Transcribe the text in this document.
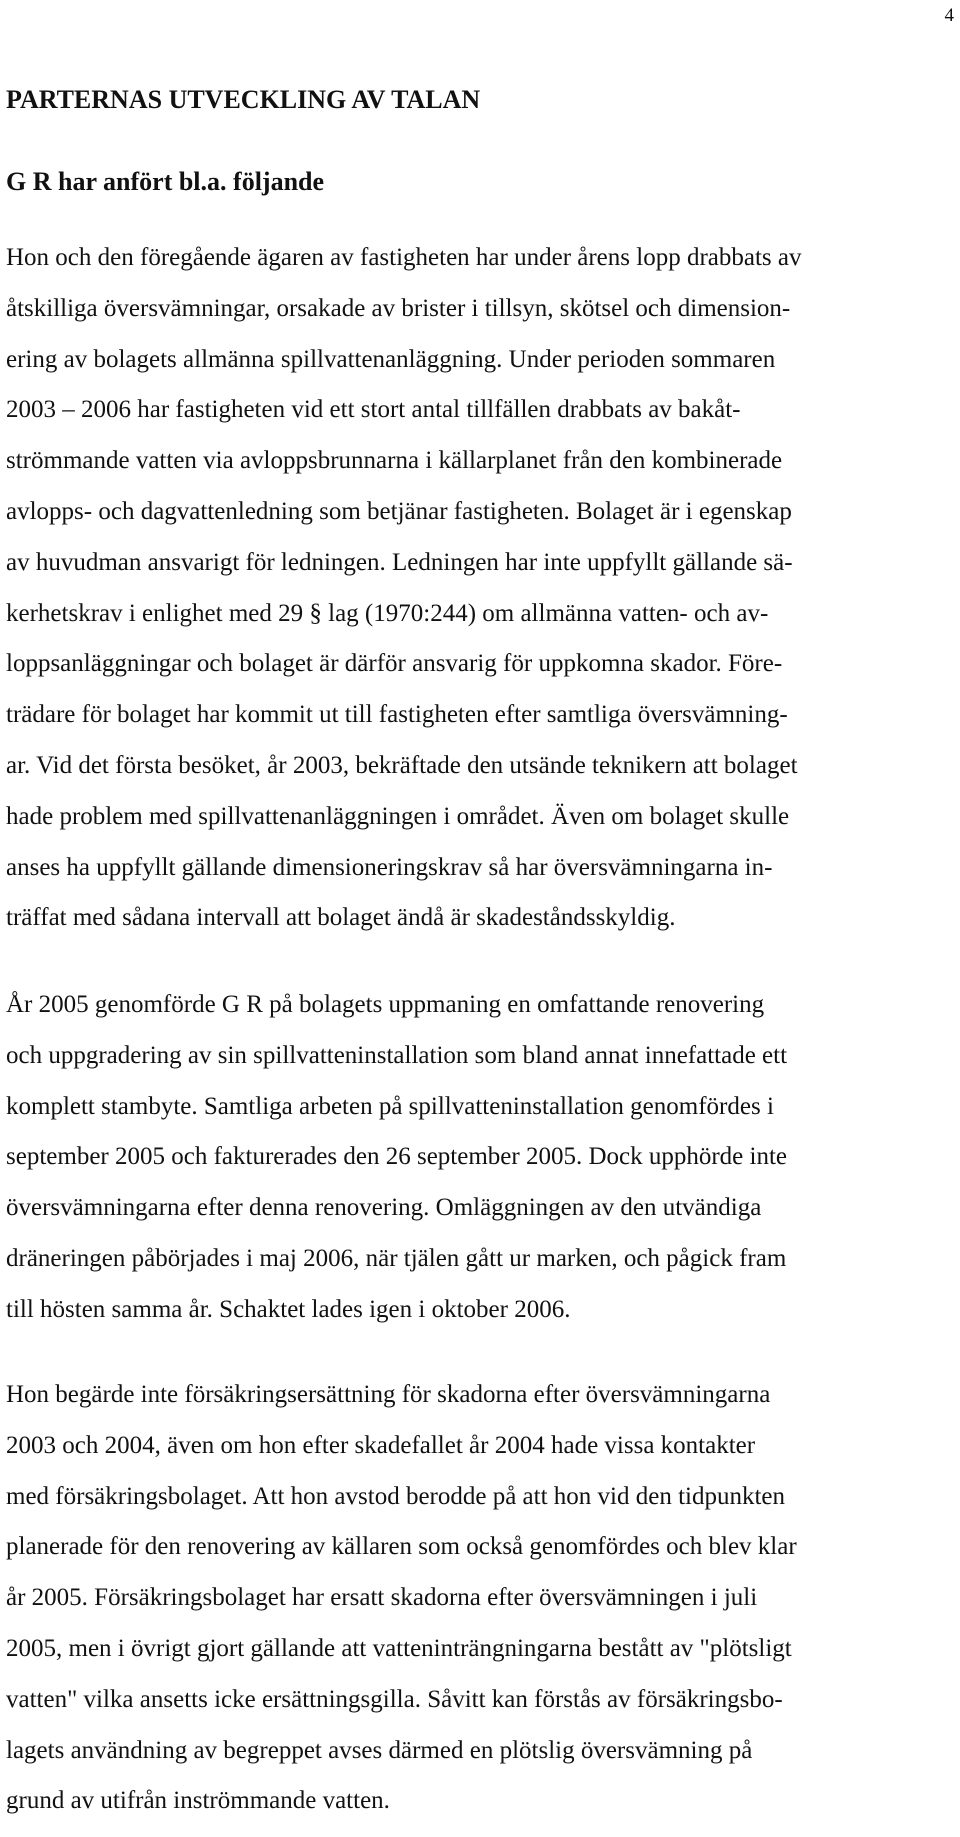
4
PARTERNAS UTVECKLING AV TALAN
G R har anfört bl.a. följande
Hon och den föregående ägaren av fastigheten har under årens lopp drabbats av
åtskilliga översvämningar, orsakade av brister i tillsyn, skötsel och dimension-
ering av bolagets allmänna spillvattenanläggning. Under perioden sommaren
2003 – 2006 har fastigheten vid ett stort antal tillfällen drabbats av bakåt-
strömmande vatten via avloppsbrunnarna i källarplanet från den kombinerade
avlopps- och dagvattenledning som betjänar fastigheten. Bolaget är i egenskap
av huvudman ansvarigt för ledningen. Ledningen har inte uppfyllt gällande sä-
kerhetskrav i enlighet med 29 § lag (1970:244) om allmänna vatten- och av-
loppsanläggningar och bolaget är därför ansvarig för uppkomna skador. Före-
trädare för bolaget har kommit ut till fastigheten efter samtliga översvämning-
ar. Vid det första besöket, år 2003, bekräftade den utsände teknikern att bolaget
hade problem med spillvattenanläggningen i området. Även om bolaget skulle
anses ha uppfyllt gällande dimensioneringskrav så har översvämningarna in-
träffat med sådana intervall att bolaget ändå är skadeståndsskyldig.
År 2005 genomförde G R på bolagets uppmaning en omfattande renovering
och uppgradering av sin spillvatteninstallation som bland annat innefattade ett
komplett stambyte. Samtliga arbeten på spillvatteninstallation genomfördes i
september 2005 och fakturerades den 26 september 2005. Dock upphörde inte
översvämningarna efter denna renovering. Omläggningen av den utvändiga
dräneringen påbörjades i maj 2006, när tjälen gått ur marken, och pågick fram
till hösten samma år. Schaktet lades igen i oktober 2006.
Hon begärde inte försäkringsersättning för skadorna efter översvämningarna
2003 och 2004, även om hon efter skadefallet år 2004 hade vissa kontakter
med försäkringsbolaget. Att hon avstod berodde på att hon vid den tidpunkten
planerade för den renovering av källaren som också genomfördes och blev klar
år 2005. Försäkringsbolaget har ersatt skadorna efter översvämningen i juli
2005, men i övrigt gjort gällande att vatteninträngningarna bestått av "plötsligt
vatten" vilka ansetts icke ersättningsgilla. Såvitt kan förstås av försäkringsbo-
lagets användning av begreppet avses därmed en plötslig översvämning på
grund av utifrån inströmmande vatten.
